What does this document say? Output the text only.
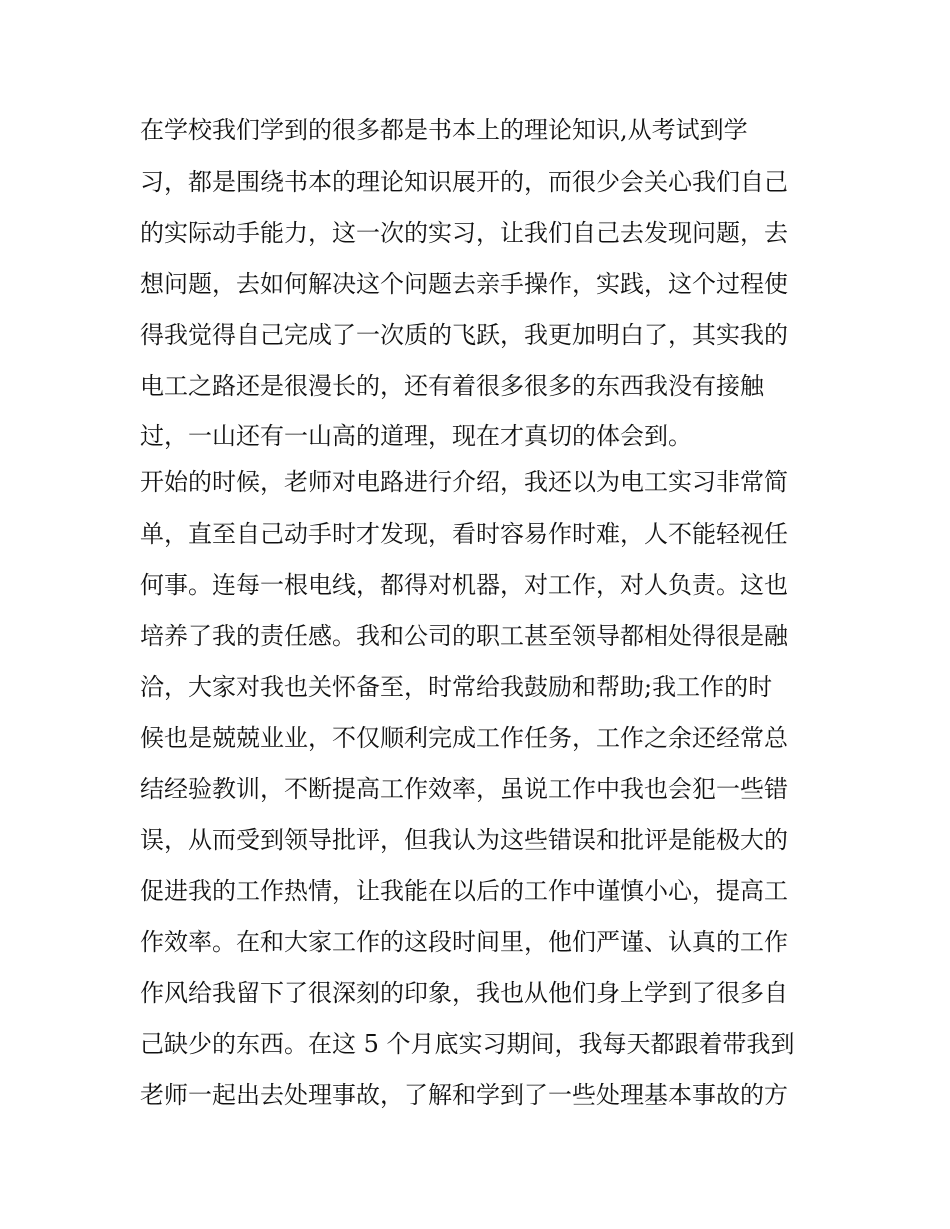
在学校我们学到的很多都是书本上的理论知识,从考试到学
习，都是围绕书本的理论知识展开的，而很少会关心我们自己
的实际动手能力，这一次的实习，让我们自己去发现问题，去
想问题，去如何解决这个问题去亲手操作，实践，这个过程使
得我觉得自己完成了一次质的飞跃，我更加明白了，其实我的
电工之路还是很漫长的，还有着很多很多的东西我没有接触
过，一山还有一山高的道理，现在才真切的体会到。
开始的时候，老师对电路进行介绍，我还以为电工实习非常简
单，直至自己动手时才发现，看时容易作时难，人不能轻视任
何事。连每一根电线，都得对机器，对工作，对人负责。这也
培养了我的责任感。我和公司的职工甚至领导都相处得很是融
洽，大家对我也关怀备至，时常给我鼓励和帮助;我工作的时
候也是兢兢业业，不仅顺利完成工作任务，工作之余还经常总
结经验教训，不断提高工作效率，虽说工作中我也会犯一些错
误，从而受到领导批评，但我认为这些错误和批评是能极大的
促进我的工作热情，让我能在以后的工作中谨慎小心，提高工
作效率。在和大家工作的这段时间里，他们严谨、认真的工作
作风给我留下了很深刻的印象，我也从他们身上学到了很多自
己缺少的东西。在这 5 个月底实习期间，我每天都跟着带我到
老师一起出去处理事故，了解和学到了一些处理基本事故的方
